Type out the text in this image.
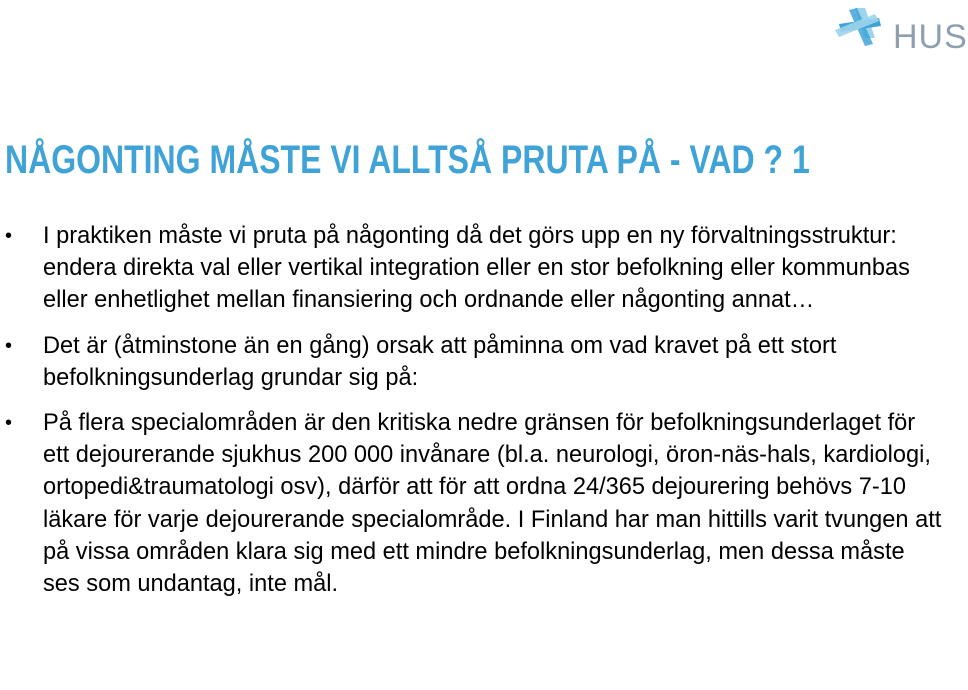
HUS
NÅGONTING MÅSTE VI ALLTSÅ PRUTA PÅ - VAD ? 1
• I praktiken måste vi pruta på någonting då det görs upp en ny förvaltningsstruktur: endera direkta val eller vertikal integration eller en stor befolkning eller kommunbas eller enhetlighet mellan finansiering och ordnande eller någonting annat…
• Det är (åtminstone än en gång) orsak att påminna om vad kravet på ett stort befolkningsunderlag grundar sig på:
• På flera specialområden är den kritiska nedre gränsen för befolkningsunderlaget för ett dejourerande sjukhus 200 000 invånare (bl.a. neurologi, öron-näs-hals, kardiologi, ortopedi&traumatologi osv), därför att för att ordna 24/365 dejourering behövs 7-10 läkare för varje dejourerande specialområde. I Finland har man hittills varit tvungen att på vissa områden klara sig med ett mindre befolkningsunderlag, men dessa måste ses som undantag, inte mål.
